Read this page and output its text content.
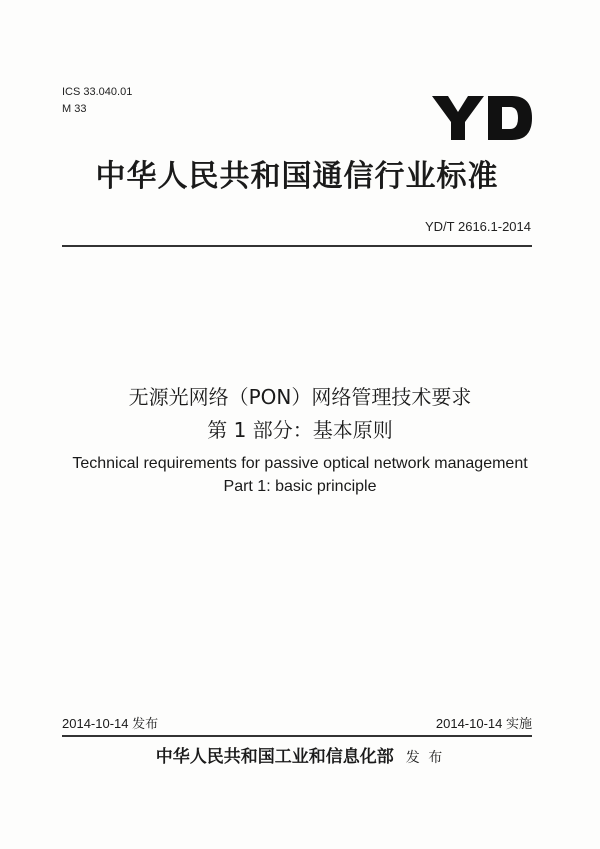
ICS 33.040.01
M 33
中华人民共和国通信行业标准
YD/T 2616.1-2014
无源光网络（PON）网络管理技术要求
第 1 部分：基本原则
Technical requirements for passive optical network management
Part 1: basic principle
2014-10-14 发布	2014-10-14 实施
中华人民共和国工业和信息化部 发 布
